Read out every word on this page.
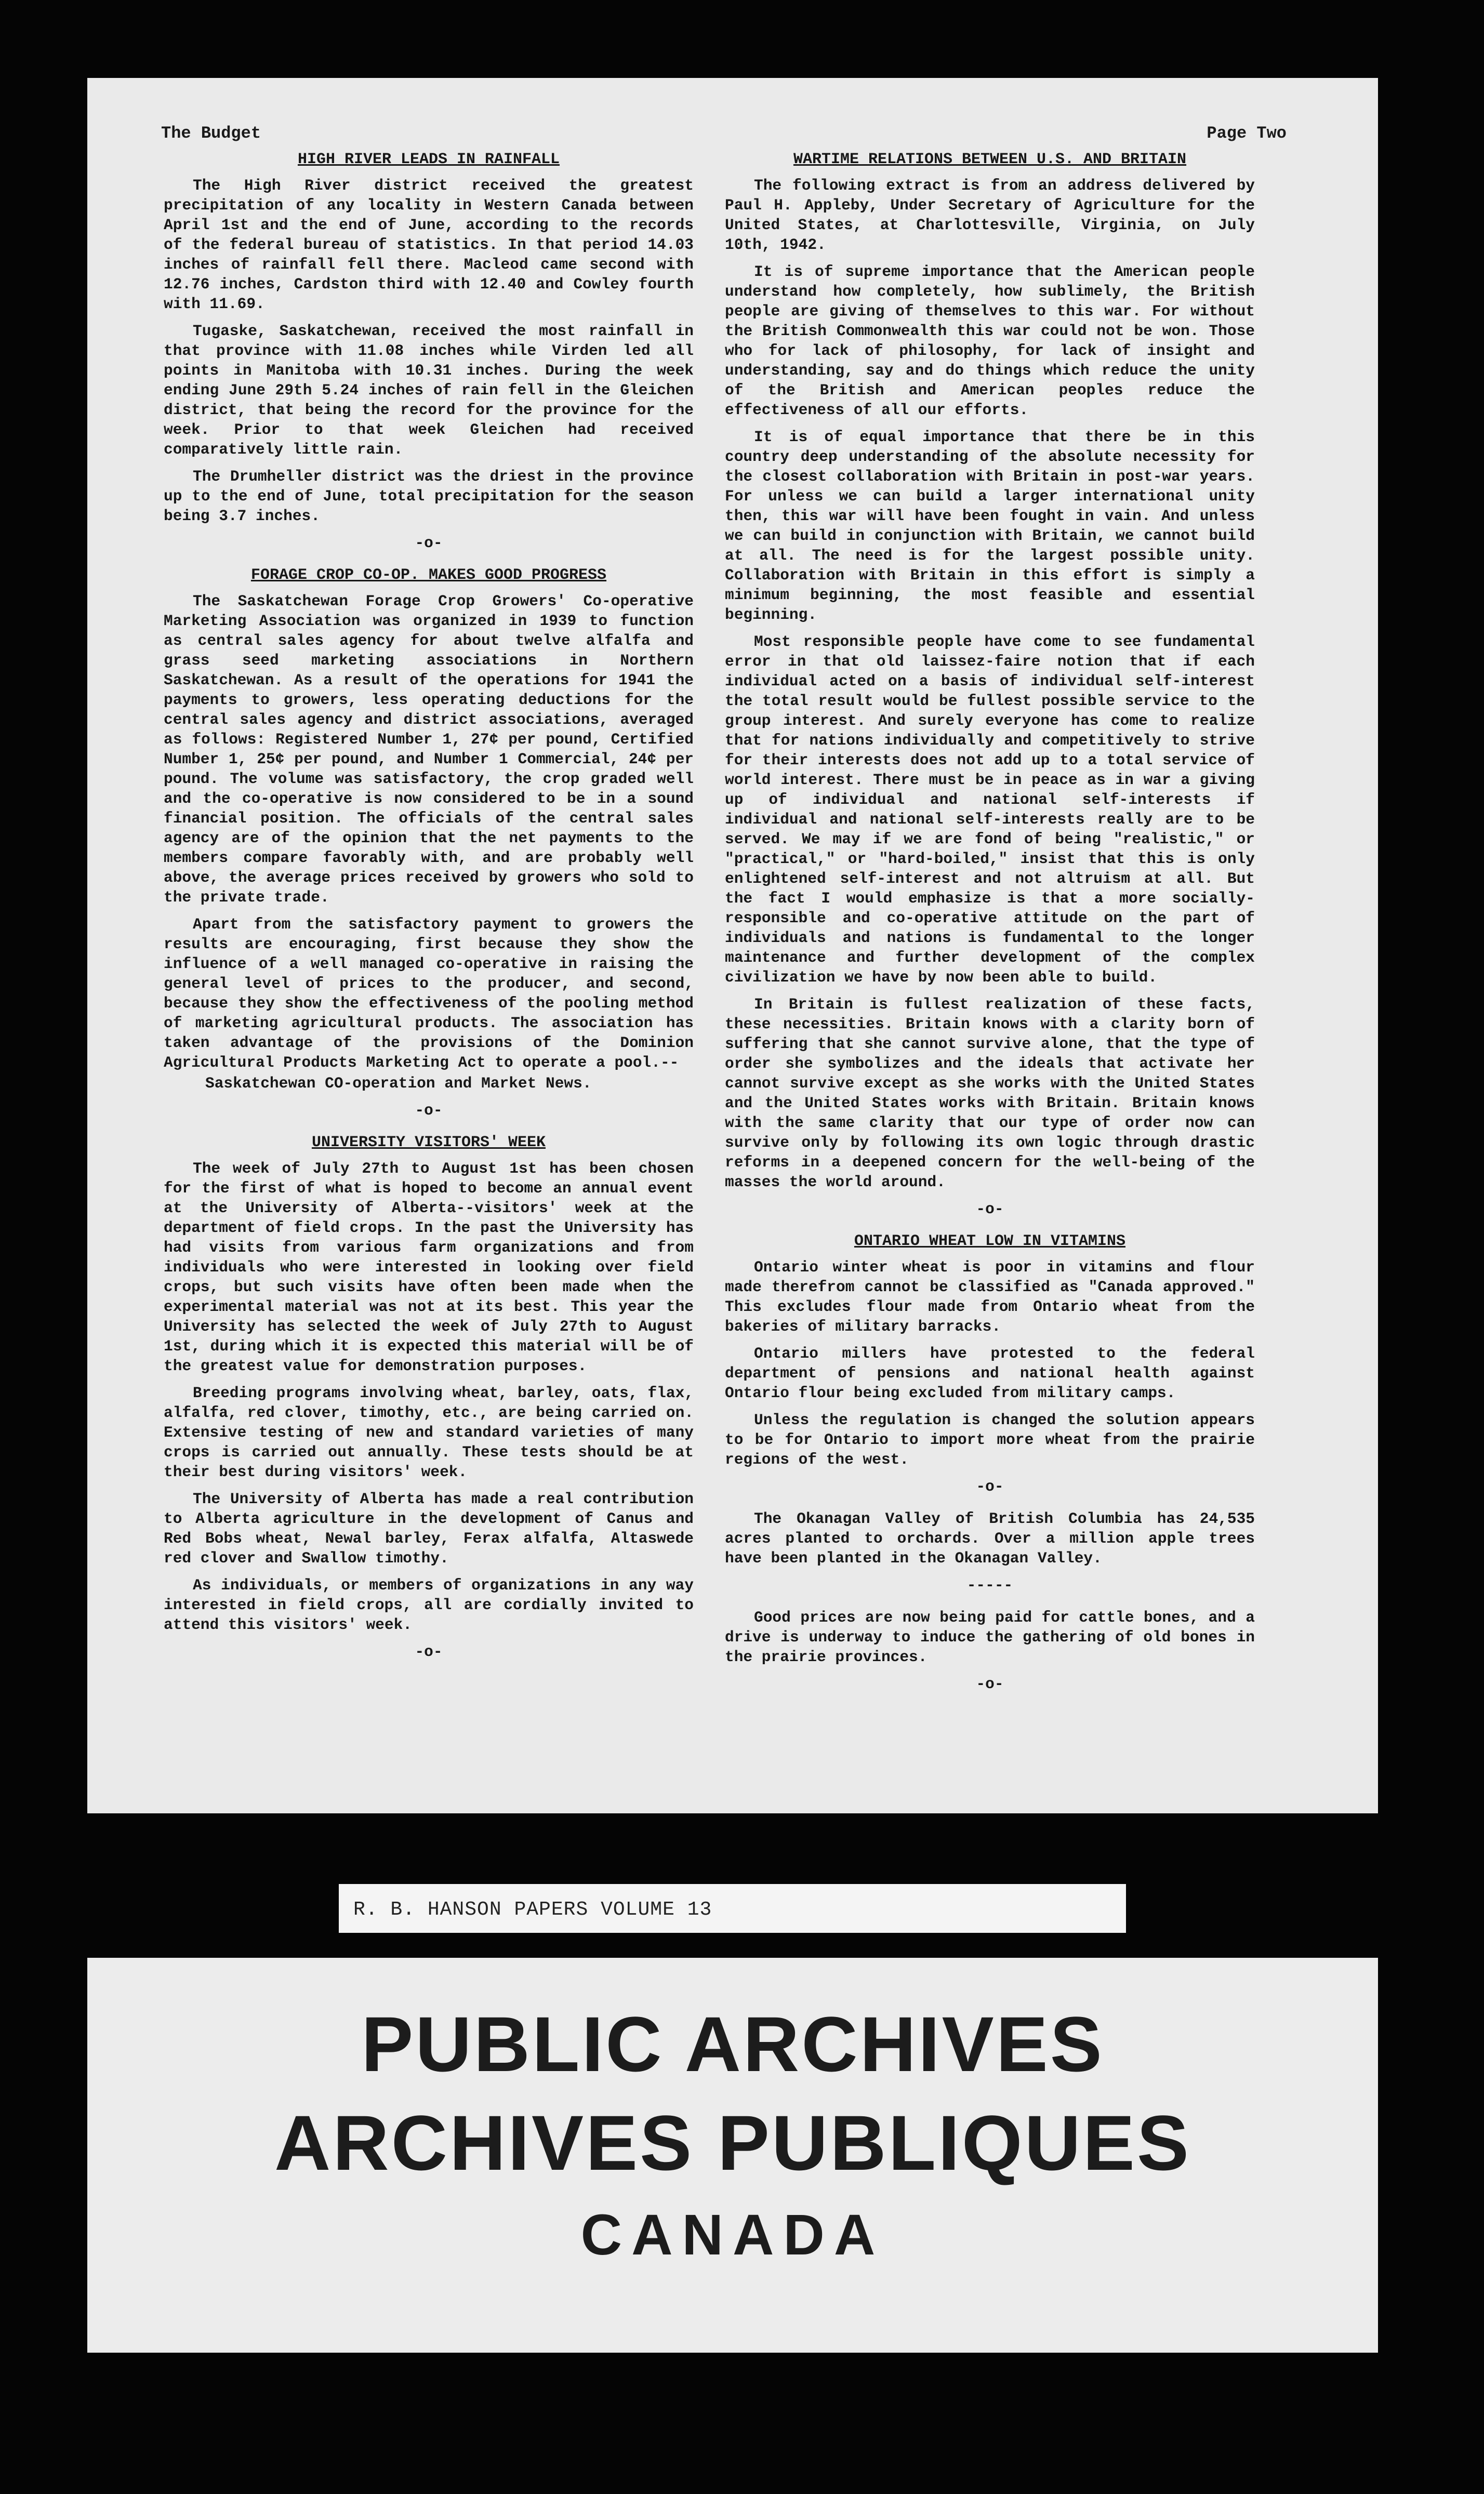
The Budget	Page Two
HIGH RIVER LEADS IN RAINFALL
The High River district received the greatest precipitation of any locality in Western Canada between April 1st and the end of June, according to the records of the federal bureau of statistics. In that period 14.03 inches of rainfall fell there. Macleod came second with 12.76 inches, Cardston third with 12.40 and Cowley fourth with 11.69.
Tugaske, Saskatchewan, received the most rainfall in that province with 11.08 inches while Virden led all points in Manitoba with 10.31 inches. During the week ending June 29th 5.24 inches of rain fell in the Gleichen district, that being the record for the province for the week. Prior to that week Gleichen had received comparatively little rain.
The Drumheller district was the driest in the province up to the end of June, total precipitation for the season being 3.7 inches.
-o-
FORAGE CROP CO-OP. MAKES GOOD PROGRESS
The Saskatchewan Forage Crop Growers' Co-operative Marketing Association was organized in 1939 to function as central sales agency for about twelve alfalfa and grass seed marketing associations in Northern Saskatchewan. As a result of the operations for 1941 the payments to growers, less operating deductions for the central sales agency and district associations, averaged as follows: Registered Number 1, 27¢ per pound, Certified Number 1, 25¢ per pound, and Number 1 Commercial, 24¢ per pound. The volume was satisfactory, the crop graded well and the co-operative is now considered to be in a sound financial position. The officials of the central sales agency are of the opinion that the net payments to the members compare favorably with, and are probably well above, the average prices received by growers who sold to the private trade.
Apart from the satisfactory payment to growers the results are encouraging, first because they show the influence of a well managed co-operative in raising the general level of prices to the producer, and second, because they show the effectiveness of the pooling method of marketing agricultural products. The association has taken advantage of the provisions of the Dominion Agricultural Products Marketing Act to operate a pool.--
Saskatchewan CO-operation and Market News.
-o-
UNIVERSITY VISITORS' WEEK
The week of July 27th to August 1st has been chosen for the first of what is hoped to become an annual event at the University of Alberta--visitors' week at the department of field crops. In the past the University has had visits from various farm organizations and from individuals who were interested in looking over field crops, but such visits have often been made when the experimental material was not at its best. This year the University has selected the week of July 27th to August 1st, during which it is expected this material will be of the greatest value for demonstration purposes.
Breeding programs involving wheat, barley, oats, flax, alfalfa, red clover, timothy, etc., are being carried on. Extensive testing of new and standard varieties of many crops is carried out annually. These tests should be at their best during visitors' week.
The University of Alberta has made a real contribution to Alberta agriculture in the development of Canus and Red Bobs wheat, Newal barley, Ferax alfalfa, Altaswede red clover and Swallow timothy.
As individuals, or members of organizations in any way interested in field crops, all are cordially invited to attend this visitors' week.
-o-
WARTIME RELATIONS BETWEEN U.S. AND BRITAIN
The following extract is from an address delivered by Paul H. Appleby, Under Secretary of Agriculture for the United States, at Charlottesville, Virginia, on July 10th, 1942.
It is of supreme importance that the American people understand how completely, how sublimely, the British people are giving of themselves to this war. For without the British Commonwealth this war could not be won. Those who for lack of philosophy, for lack of insight and understanding, say and do things which reduce the unity of the British and American peoples reduce the effectiveness of all our efforts.
It is of equal importance that there be in this country deep understanding of the absolute necessity for the closest collaboration with Britain in post-war years. For unless we can build a larger international unity then, this war will have been fought in vain. And unless we can build in conjunction with Britain, we cannot build at all. The need is for the largest possible unity. Collaboration with Britain in this effort is simply a minimum beginning, the most feasible and essential beginning.
Most responsible people have come to see fundamental error in that old laissez-faire notion that if each individual acted on a basis of individual self-interest the total result would be fullest possible service to the group interest. And surely everyone has come to realize that for nations individually and competitively to strive for their interests does not add up to a total service of world interest. There must be in peace as in war a giving up of individual and national self-interests if individual and national self-interests really are to be served. We may if we are fond of being "realistic," or "practical," or "hard-boiled," insist that this is only enlightened self-interest and not altruism at all. But the fact I would emphasize is that a more socially-responsible and co-operative attitude on the part of individuals and nations is fundamental to the longer maintenance and further development of the complex civilization we have by now been able to build.
In Britain is fullest realization of these facts, these necessities. Britain knows with a clarity born of suffering that she cannot survive alone, that the type of order she symbolizes and the ideals that activate her cannot survive except as she works with the United States and the United States works with Britain. Britain knows with the same clarity that our type of order now can survive only by following its own logic through drastic reforms in a deepened concern for the well-being of the masses the world around.
-o-
ONTARIO WHEAT LOW IN VITAMINS
Ontario winter wheat is poor in vitamins and flour made therefrom cannot be classified as "Canada approved." This excludes flour made from Ontario wheat from the bakeries of military barracks.
Ontario millers have protested to the federal department of pensions and national health against Ontario flour being excluded from military camps.
Unless the regulation is changed the solution appears to be for Ontario to import more wheat from the prairie regions of the west.
-o-
The Okanagan Valley of British Columbia has 24,535 acres planted to orchards. Over a million apple trees have been planted in the Okanagan Valley.
-----
Good prices are now being paid for cattle bones, and a drive is underway to induce the gathering of old bones in the prairie provinces.
-o-
R. B. HANSON PAPERS VOLUME 13
PUBLIC ARCHIVES
ARCHIVES PUBLIQUES
CANADA
